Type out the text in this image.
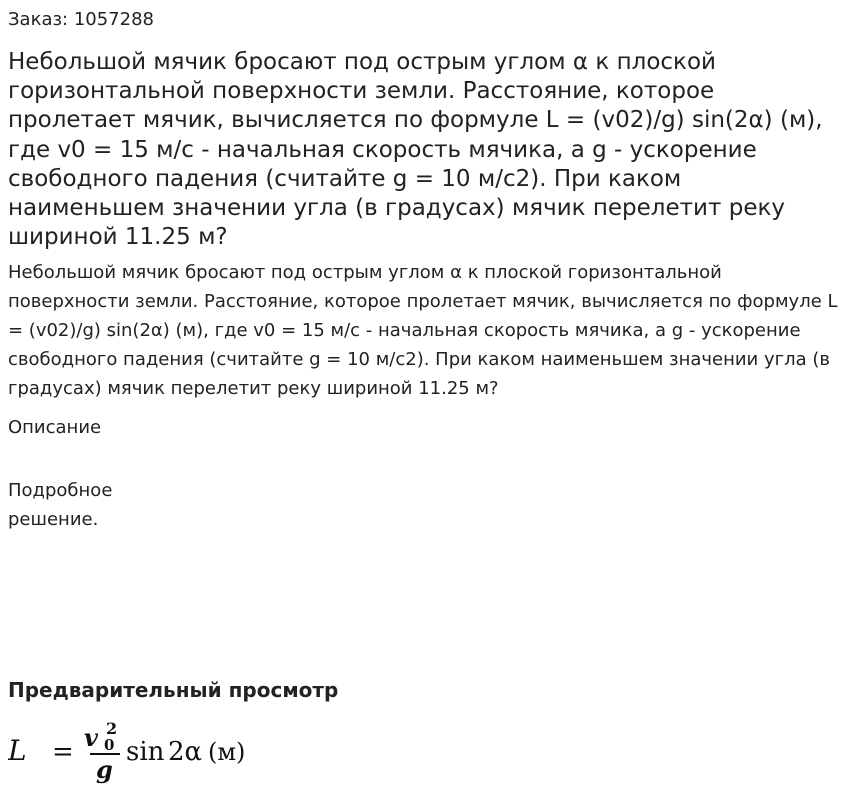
Заказ: 1057288
Небольшой мячик бросают под острым углом α к плоской горизонтальной поверхности земли. Расстояние, которое пролетает мячик, вычисляется по формуле L = (v02)/g) sin(2α) (м), где v0 = 15 м/с - начальная скорость мячика, а g - ускорение свободного падения (считайте g = 10 м/с2). При каком наименьшем значении угла (в градусах) мячик перелетит реку шириной 11.25 м?

Небольшой мячик бросают под острым углом α к плоской горизонтальной поверхности земли. Расстояние, которое пролетает мячик, вычисляется по формуле L = (v02)/g) sin(2α) (м), где v0 = 15 м/с - начальная скорость мячика, а g - ускорение свободного падения (считайте g = 10 м/с2). При каком наименьшем значении угла (в градусах) мячик перелетит реку шириной 11.25 м?

Описание
Подробное решение.
Предварительный просмотр
L = v 2
0
g
sin 2α (м)
